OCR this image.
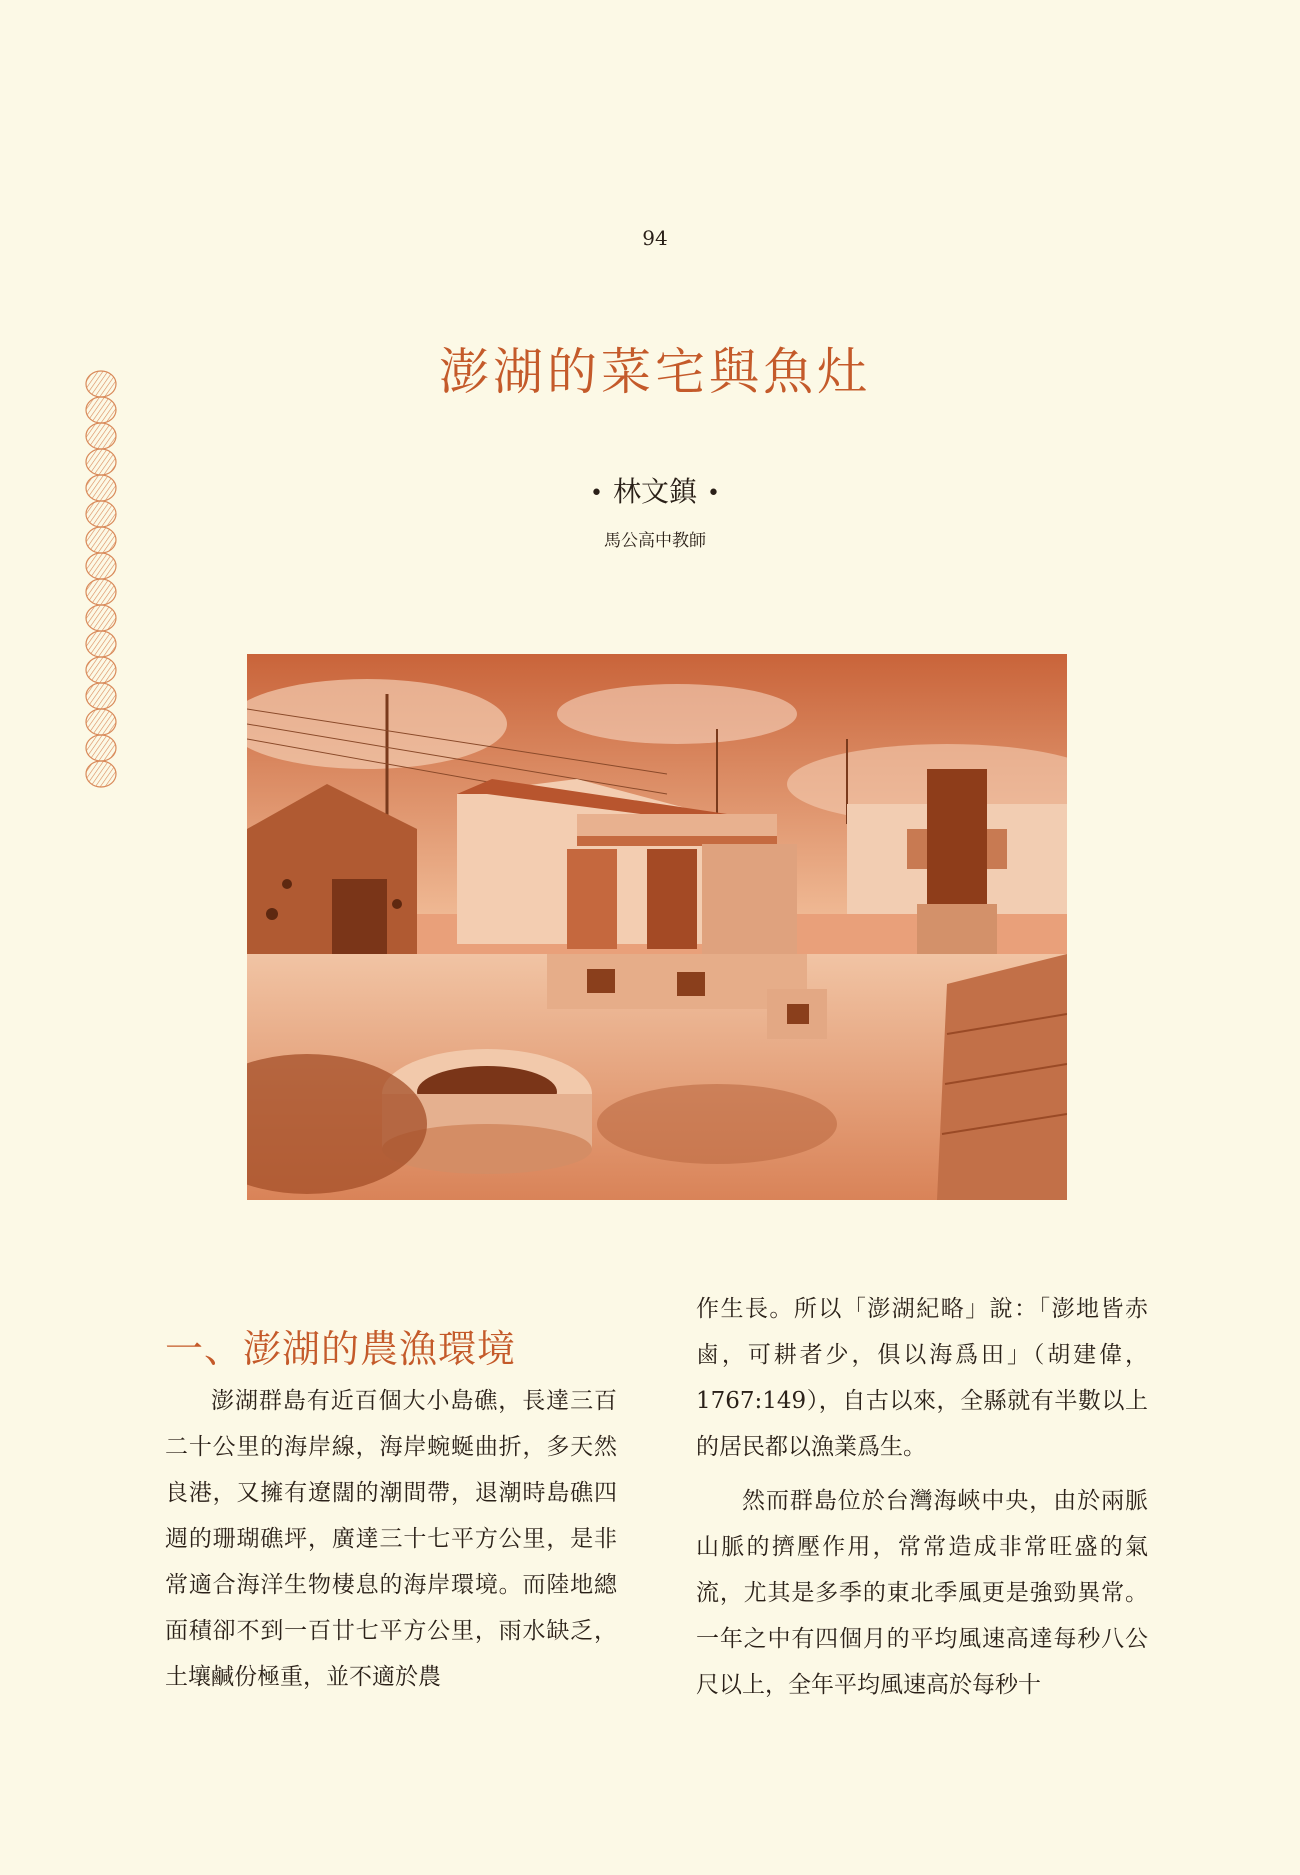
94
澎湖的菜宅與魚灶
• 林文鎮 •
馬公高中教師
一、澎湖的農漁環境

澎湖群島有近百個大小島礁，長達三百二十公里的海岸線，海岸蜿蜒曲折，多天然良港，又擁有遼闊的潮間帶，退潮時島礁四週的珊瑚礁坪，廣達三十七平方公里，是非常適合海洋生物棲息的海岸環境。而陸地總面積卻不到一百廿七平方公里，雨水缺乏，土壤鹹份極重，並不適於農

作生長。所以「澎湖紀略」說：「澎地皆赤鹵，可耕者少，俱以海爲田」（胡建偉，1767:149），自古以來，全縣就有半數以上的居民都以漁業爲生。

然而群島位於台灣海峽中央，由於兩脈山脈的擠壓作用，常常造成非常旺盛的氣流，尤其是多季的東北季風更是強勁異常。一年之中有四個月的平均風速高達每秒八公尺以上，全年平均風速高於每秒十
